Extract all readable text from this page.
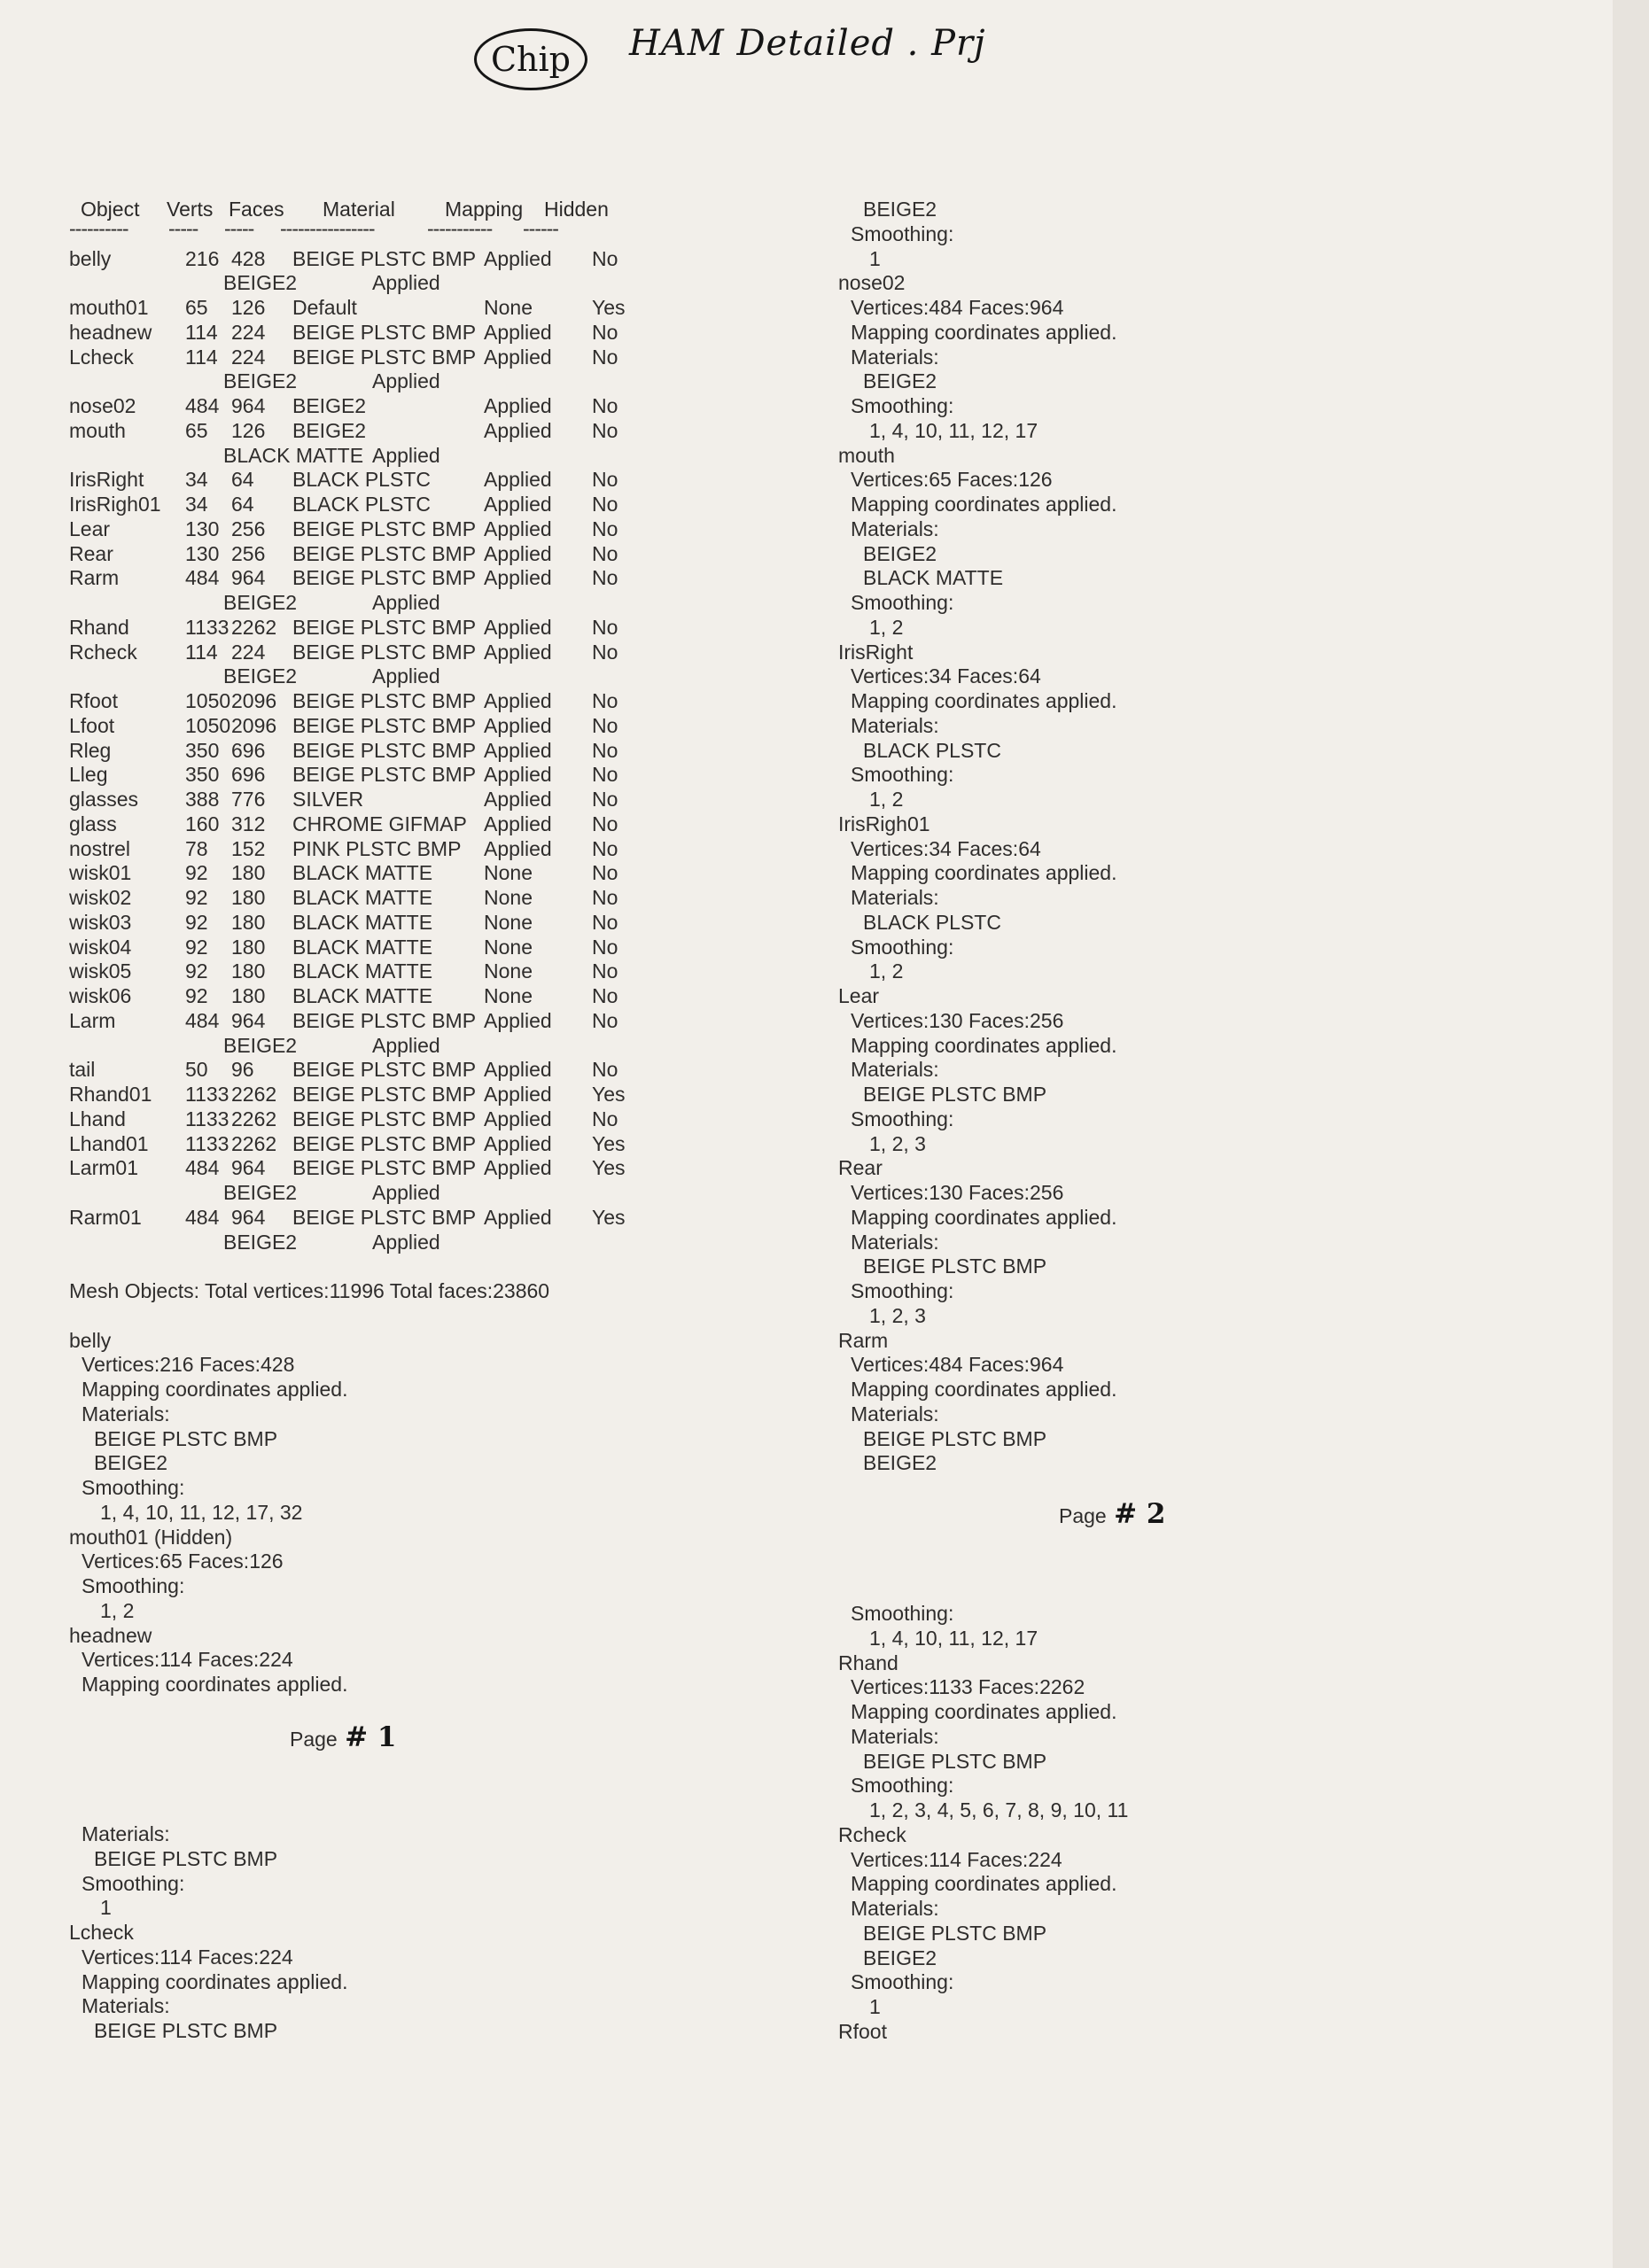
Chip	HAM Detailed . Prj
Object Verts Faces Material Mapping Hidden
---------- ----- ----- ----------------	----------- ------
belly	216 428 BEIGE PLSTC BMP Applied No
BEIGE2	Applied
mouth01 65 126 Default	None	Yes
headnew 114 224 BEIGE PLSTC BMP Applied No
Lcheck	114 224 BEIGE PLSTC BMP Applied No
BEIGE2	Applied
nose02 484 964 BEIGE2	Applied No
mouth	65 126 BEIGE2	Applied No
BLACK MATTE Applied
IrisRight 34 64 BLACK PLSTC	Applied No
IrisRigh01 34 64 BLACK PLSTC	Applied No
Lear	130 256 BEIGE PLSTC BMP Applied No
Rear	130 256 BEIGE PLSTC BMP Applied No
Rarm	484 964 BEIGE PLSTC BMP Applied No
BEIGE2	Applied
Rhand	1133 2262 BEIGE PLSTC BMP Applied No
Rcheck 114 224 BEIGE PLSTC BMP Applied No
BEIGE2	Applied
Rfoot	1050 2096 BEIGE PLSTC BMP Applied No
Lfoot	1050 2096 BEIGE PLSTC BMP Applied No
Rleg	350 696 BEIGE PLSTC BMP Applied No
Lleg	350 696 BEIGE PLSTC BMP Applied No
glasses 388 776 SILVER	Applied No
glass	160 312 CHROME GIFMAP Applied No
nostrel	78 152 PINK PLSTC BMP Applied No
wisk01	92 180 BLACK MATTE	None	No
wisk02	92 180 BLACK MATTE	None	No
wisk03	92 180 BLACK MATTE	None	No
wisk04	92 180 BLACK MATTE	None	No
wisk05	92 180 BLACK MATTE	None	No
wisk06	92 180 BLACK MATTE	None	No
Larm	484 964 BEIGE PLSTC BMP Applied No
BEIGE2	Applied
tail	50 96 BEIGE PLSTC BMP Applied No
Rhand01 1133 2262 BEIGE PLSTC BMP Applied Yes
Lhand	1133 2262 BEIGE PLSTC BMP Applied No
Lhand01 1133 2262 BEIGE PLSTC BMP Applied Yes
Larm01 484 964 BEIGE PLSTC BMP Applied Yes
BEIGE2	Applied
Rarm01 484 964 BEIGE PLSTC BMP Applied Yes
BEIGE2	Applied
Mesh Objects: Total vertices:11996 Total faces:23860
belly
Vertices:216 Faces:428
Mapping coordinates applied.
Materials:
BEIGE PLSTC BMP
BEIGE2
Smoothing:
1, 4, 10, 11, 12, 17, 32
mouth01 (Hidden)
Vertices:65 Faces:126
Smoothing:
1, 2
headnew
Vertices:114 Faces:224
Mapping coordinates applied.
Page # 1
Materials:
BEIGE PLSTC BMP
Smoothing:
1
Lcheck
Vertices:114 Faces:224
Mapping coordinates applied.
Materials:
BEIGE PLSTC BMP
BEIGE2
Smoothing:
1
nose02
Vertices:484 Faces:964
Mapping coordinates applied.
Materials:
BEIGE2
Smoothing:
1, 4, 10, 11, 12, 17
mouth
Vertices:65 Faces:126
Mapping coordinates applied.
Materials:
BEIGE2
BLACK MATTE
Smoothing:
1, 2
IrisRight
Vertices:34 Faces:64
Mapping coordinates applied.
Materials:
BLACK PLSTC
Smoothing:
1, 2
IrisRigh01
Vertices:34 Faces:64
Mapping coordinates applied.
Materials:
BLACK PLSTC
Smoothing:
1, 2
Lear
Vertices:130 Faces:256
Mapping coordinates applied.
Materials:
BEIGE PLSTC BMP
Smoothing:
1, 2, 3
Rear
Vertices:130 Faces:256
Mapping coordinates applied.
Materials:
BEIGE PLSTC BMP
Smoothing:
1, 2, 3
Rarm
Vertices:484 Faces:964
Mapping coordinates applied.
Materials:
BEIGE PLSTC BMP
BEIGE2
Page # 2
Smoothing:
1, 4, 10, 11, 12, 17
Rhand
Vertices:1133 Faces:2262
Mapping coordinates applied.
Materials:
BEIGE PLSTC BMP
Smoothing:
1, 2, 3, 4, 5, 6, 7, 8, 9, 10, 11
Rcheck
Vertices:114 Faces:224
Mapping coordinates applied.
Materials:
BEIGE PLSTC BMP
BEIGE2
Smoothing:
1
Rfoot
